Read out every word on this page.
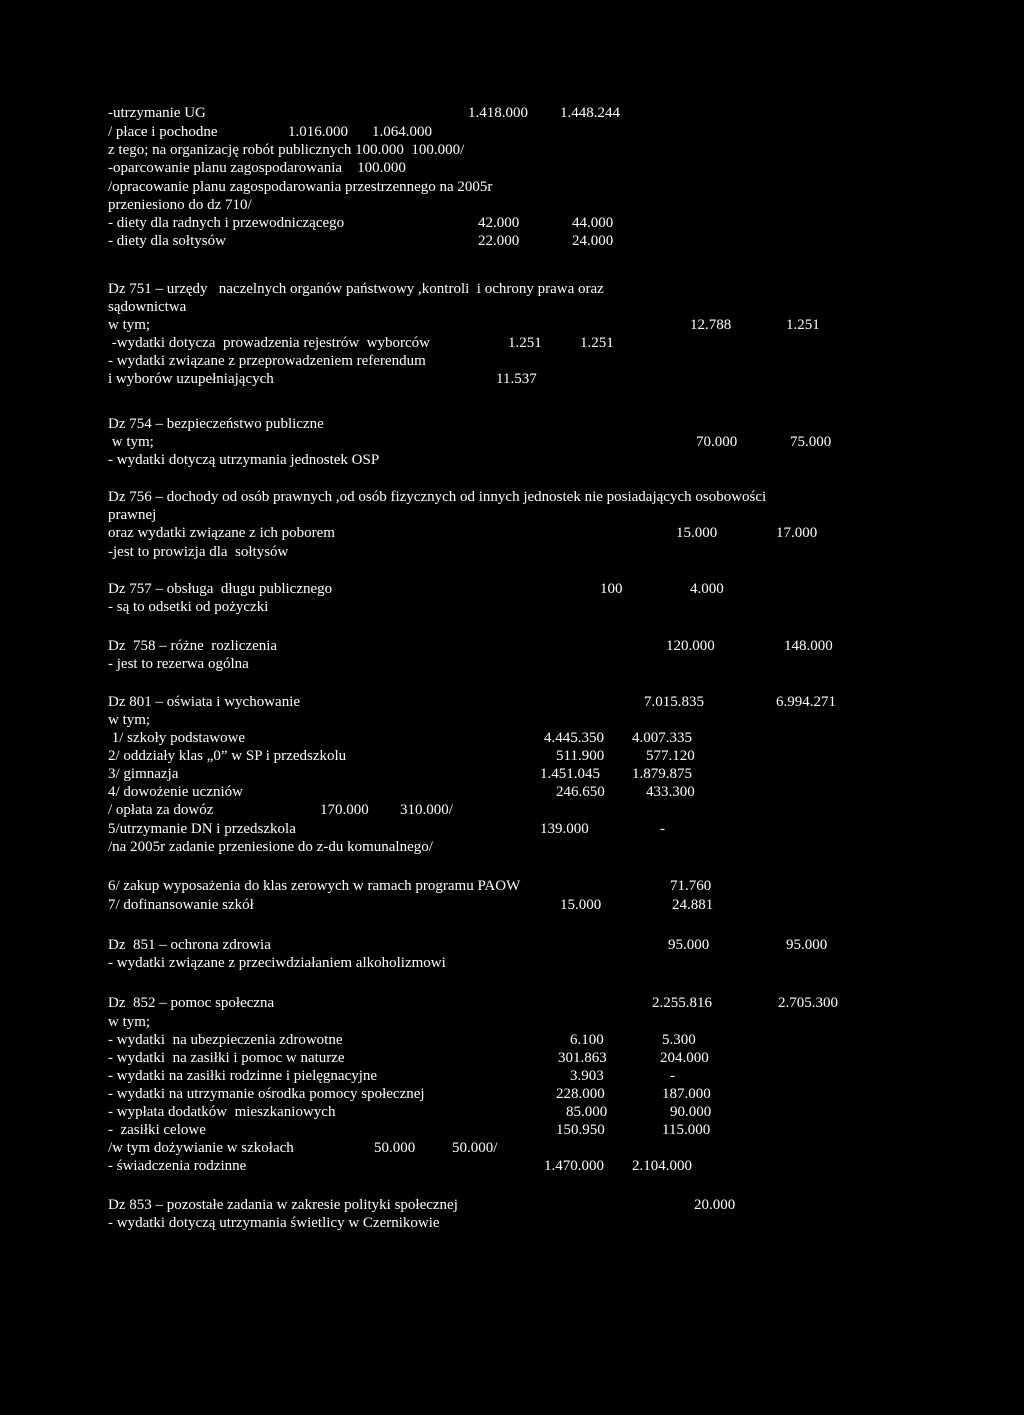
-utrzymanie UG	1.418.000 1.448.244
/ płace i pochodne	1.016.000 1.064.000
z tego; na organizację robót publicznych 100.000  100.000/
-oparcowanie planu zagospodarowania    100.000
/opracowanie planu zagospodarowania przestrzennego na 2005r
przeniesiono do dz 710/
- diety dla radnych i przewodniczącego	42.000	44.000
- diety dla sołtysów	22.000	24.000
Dz 751 – urzędy   naczelnych organów państwowy ,kontroli  i ochrony prawa oraz
sądownictwa
w tym;	12.788	1.251
-wydatki dotycza  prowadzenia rejestrów  wyborców	1.251	1.251
- wydatki związane z przeprowadzeniem referendum
i wyborów uzupełniających	11.537
Dz 754 – bezpieczeństwo publiczne
w tym;	70.000	75.000
- wydatki dotyczą utrzymania jednostek OSP
Dz 756 – dochody od osób prawnych ,od osób fizycznych od innych jednostek nie posiadających osobowości
prawnej
oraz wydatki związane z ich poborem	15.000	17.000
-jest to prowizja dla  sołtysów
Dz 757 – obsługa  długu publicznego	100	4.000
- są to odsetki od pożyczki
Dz  758 – różne  rozliczenia	120.000	148.000
- jest to rezerwa ogólna
Dz 801 – oświata i wychowanie	7.015.835	6.994.271
w tym;
1/ szkoły podstawowe	4.445.350 4.007.335
2/ oddziały klas „0” w SP i przedszkolu	511.900	577.120
3/ gimnazja	1.451.045 1.879.875
4/ dowożenie uczniów	246.650	433.300
/ opłata za dowóz	170.000 310.000/
5/utrzymanie DN i przedszkola	139.000	-
/na 2005r zadanie przeniesione do z-du komunalnego/
6/ zakup wyposażenia do klas zerowych w ramach programu PAOW	71.760
7/ dofinansowanie szkół	15.000	24.881
Dz  851 – ochrona zdrowia	95.000	95.000
- wydatki związane z przeciwdziałaniem alkoholizmowi
Dz  852 – pomoc społeczna	2.255.816	2.705.300
w tym;
- wydatki  na ubezpieczenia zdrowotne	6.100	5.300
- wydatki  na zasiłki i pomoc w naturze	301.863	204.000
- wydatki na zasiłki rodzinne i pielęgnacyjne	3.903	-
- wydatki na utrzymanie ośrodka pomocy społecznej	228.000	187.000
- wypłata dodatków  mieszkaniowych	85.000	90.000
-  zasiłki celowe	150.950	115.000
/w tym dożywianie w szkołach	50.000 50.000/
- świadczenia rodzinne	1.470.000 2.104.000
Dz 853 – pozostałe zadania w zakresie polityki społecznej	20.000
- wydatki dotyczą utrzymania świetlicy w Czernikowie
